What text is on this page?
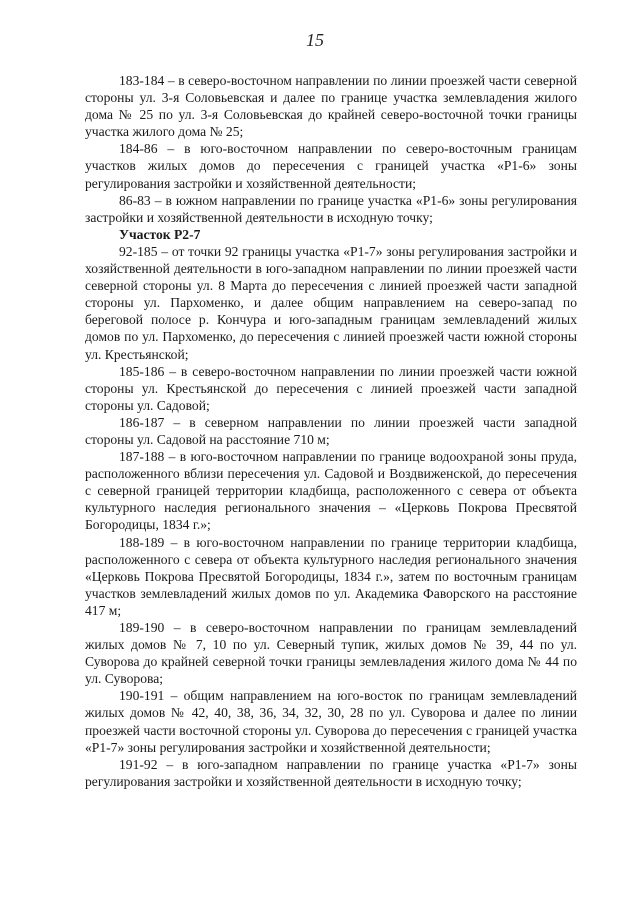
15

183-184 – в северо-восточном направлении по линии проезжей части северной стороны ул. 3-я Соловьевская и далее по границе участка землевладения жилого дома № 25 по ул. 3-я Соловьевская до крайней северо-восточной точки границы участка жилого дома № 25;

184-86 – в юго-восточном направлении по северо-восточным границам участков жилых домов до пересечения с границей участка «Р1-6» зоны регулирования застройки и хозяйственной деятельности;

86-83 – в южном направлении по границе участка «Р1-6» зоны регулирования застройки и хозяйственной деятельности в исходную точку;

Участок Р2-7

92-185 – от точки 92 границы участка «Р1-7» зоны регулирования застройки и хозяйственной деятельности в юго-западном направлении по линии проезжей части северной стороны ул. 8 Марта до пересечения с линией проезжей части западной стороны ул. Пархоменко, и далее общим направлением на северо-запад по береговой полосе р. Кончура и юго-западным границам землевладений жилых домов по ул. Пархоменко, до пересечения с линией проезжей части южной стороны ул. Крестьянской;

185-186 – в северо-восточном направлении по линии проезжей части южной стороны ул. Крестьянской до пересечения с линией проезжей части западной стороны ул. Садовой;

186-187 – в северном направлении по линии проезжей части западной стороны ул. Садовой на расстояние 710 м;

187-188 – в юго-восточном направлении по границе водоохраной зоны пруда, расположенного вблизи пересечения ул. Садовой и Воздвиженской, до пересечения с северной границей территории кладбища, расположенного с севера от объекта культурного наследия регионального значения – «Церковь Покрова Пресвятой Богородицы, 1834 г.»;

188-189 – в юго-восточном направлении по границе территории кладбища, расположенного с севера от объекта культурного наследия регионального значения «Церковь Покрова Пресвятой Богородицы, 1834 г.», затем по восточным границам участков землевладений жилых домов по ул. Академика Фаворского на расстояние 417 м;

189-190 – в северо-восточном направлении по границам землевладений жилых домов № 7, 10 по ул. Северный тупик, жилых домов № 39, 44 по ул. Суворова до крайней северной точки границы землевладения жилого дома № 44 по ул. Суворова;

190-191 – общим направлением на юго-восток по границам землевладений жилых домов № 42, 40, 38, 36, 34, 32, 30, 28 по ул. Суворова и далее по линии проезжей части восточной стороны ул. Суворова до пересечения с границей участка «Р1-7» зоны регулирования застройки и хозяйственной деятельности;

191-92 – в юго-западном направлении по границе участка «Р1-7» зоны регулирования застройки и хозяйственной деятельности в исходную точку;
